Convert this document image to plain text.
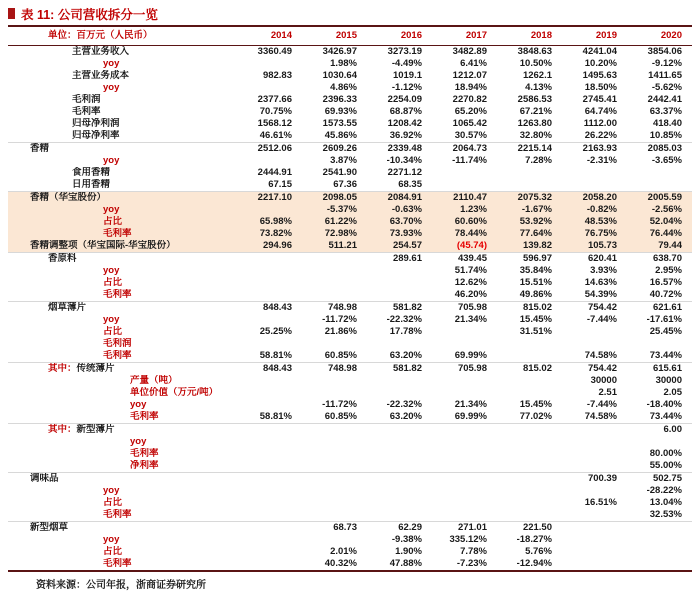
表 11: 公司营收拆分一览
单位：百万元（人民币）	2014	2015	2016	2017	2018	2019	2020
主营业务收入	3360.49	3426.97	3273.19	3482.89	3848.63	4241.04	3854.06
yoy		1.98%	-4.49%	6.41%	10.50%	10.20%	-9.12%
主营业务成本	982.83	1030.64	1019.1	1212.07	1262.1	1495.63	1411.65
yoy		4.86%	-1.12%	18.94%	4.13%	18.50%	-5.62%
毛利润	2377.66	2396.33	2254.09	2270.82	2586.53	2745.41	2442.41
毛利率	70.75%	69.93%	68.87%	65.20%	67.21%	64.74%	63.37%
归母净利润	1568.12	1573.55	1208.42	1065.42	1263.80	1112.00	418.40
归母净利率	46.61%	45.86%	36.92%	30.57%	32.80%	26.22%	10.85%
香精	2512.06	2609.26	2339.48	2064.73	2215.14	2163.93	2085.03
yoy		3.87%	-10.34%	-11.74%	7.28%	-2.31%	-3.65%
食用香精	2444.91	2541.90	2271.12				
日用香精	67.15	67.36	68.35				
香精（华宝股份）	2217.10	2098.05	2084.91	2110.47	2075.32	2058.20	2005.59
yoy		-5.37%	-0.63%	1.23%	-1.67%	-0.82%	-2.56%
占比	65.98%	61.22%	63.70%	60.60%	53.92%	48.53%	52.04%
毛利率	73.82%	72.98%	73.93%	78.44%	77.64%	76.75%	76.44%
香精调整项（华宝国际-华宝股份）	294.96	511.21	254.57	(45.74)	139.82	105.73	79.44
香原料			289.61	439.45	596.97	620.41	638.70
yoy				51.74%	35.84%	3.93%	2.95%
占比				12.62%	15.51%	14.63%	16.57%
毛利率				46.20%	49.86%	54.39%	40.72%
烟草薄片	848.43	748.98	581.82	705.98	815.02	754.42	621.61
yoy		-11.72%	-22.32%	21.34%	15.45%	-7.44%	-17.61%
占比	25.25%	21.86%	17.78%		31.51%		25.45%
毛利润							
毛利率	58.81%	60.85%	63.20%	69.99%		74.58%	73.44%
其中：传统薄片	848.43	748.98	581.82	705.98	815.02	754.42	615.61
产量（吨）						30000	30000
单位价值（万元/吨）						2.51	2.05
yoy		-11.72%	-22.32%	21.34%	15.45%	-7.44%	-18.40%
毛利率	58.81%	60.85%	63.20%	69.99%	77.02%	74.58%	73.44%
其中：新型薄片							6.00
yoy							
毛利率							80.00%
净利率							55.00%
调味品						700.39	502.75
yoy							-28.22%
占比						16.51%	13.04%
毛利率							32.53%
新型烟草		68.73	62.29	271.01	221.50		
yoy			-9.38%	335.12%	-18.27%		
占比		2.01%	1.90%	7.78%	5.76%		
毛利率		40.32%	47.88%	-7.23%	-12.94%		
资料来源：公司年报，浙商证券研究所
